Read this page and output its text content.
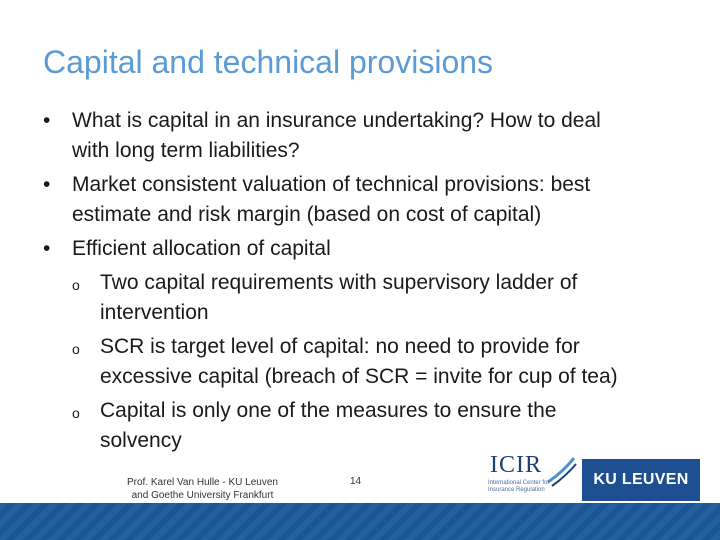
Capital and technical provisions
• What is capital in an insurance undertaking? How to deal
with long term liabilities?
• Market consistent valuation of technical provisions: best
estimate and risk margin (based on cost of capital)
• Efficient allocation of capital
o Two capital requirements with supervisory ladder of
intervention
o SCR is target level of capital: no need to provide for
excessive capital (breach of SCR = invite for cup of tea)
o Capital is only one of the measures to ensure the
solvency
Prof. Karel Van Hulle - KU Leuven
and Goethe University Frankfurt
14
ICIR
International Center for Insurance Regulation
KU LEUVEN
